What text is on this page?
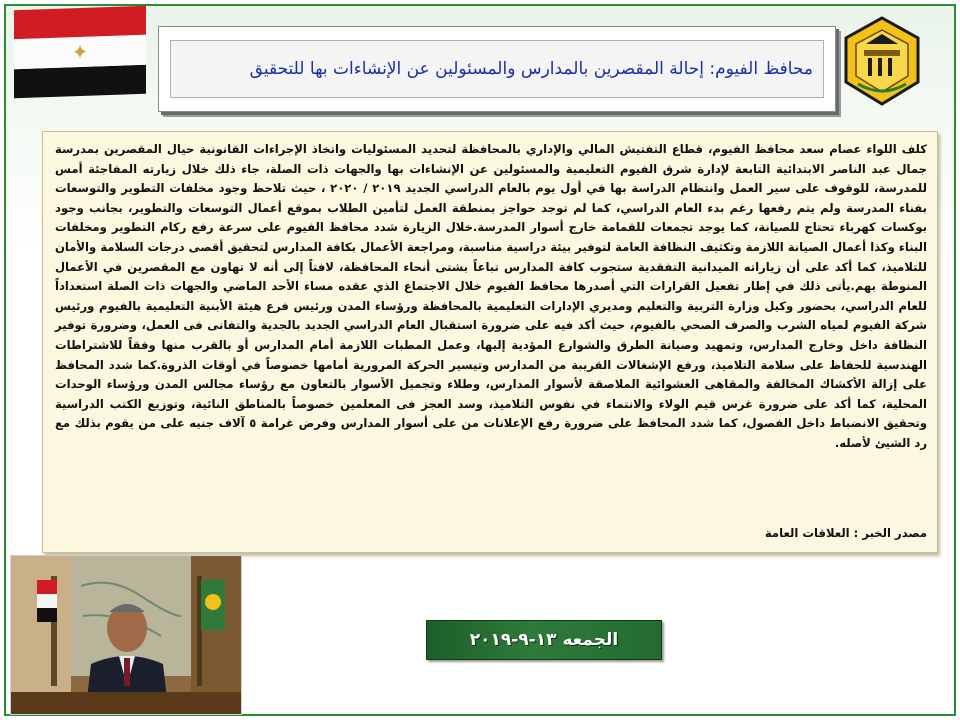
✦
محافظ الفيوم: إحالة المقصرين بالمدارس والمسئولين عن الإنشاءات بها للتحقيق

كلف اللواء عصام سعد محافظ الفيوم، قطاع التفتيش المالي والإداري بالمحافظة لتحديد المسئوليات واتخاذ الإجراءات القانونية حيال المقصرين بمدرسة جمال عبد الناصر الابتدائية التابعة لإدارة شرق الفيوم التعليمية والمسئولين عن الإنشاءات بها والجهات ذات الصلة، جاء ذلك خلال زيارته المفاجئة أمس للمدرسة، للوقوف على سير العمل وانتظام الدراسة بها في أول يوم بالعام الدراسي الجديد ٢٠١٩ / ٢٠٢٠ ، حيث تلاحظ وجود مخلفات التطوير والتوسعات بفناء المدرسة ولم يتم رفعها رغم بدء العام الدراسي، كما لم توجد حواجز بمنطقة العمل لتأمين الطلاب بموقع أعمال التوسعات والتطوير، بجانب وجود بوكسات كهرباء تحتاج للصيانة، كما يوجد تجمعات للقمامة خارج أسوار المدرسة.خلال الزيارة شدد محافظ الفيوم على سرعة رفع ركام التطوير ومخلفات البناء وكذا أعمال الصيانة اللازمة وتكثيف النظافة العامة لتوفير بيئة دراسية مناسبة، ومراجعة الأعمال بكافة المدارس لتحقيق أقصى درجات السلامة والأمان للتلاميذ، كما أكد على أن زياراته الميدانية التفقدية ستجوب كافة المدارس تباعاً بشتى أنحاء المحافظة، لافتاً إلى أنه لا تهاون مع المقصرين في الأعمال المنوطة بهم.يأتى ذلك في إطار تفعيل القرارات التي أصدرها محافظ الفيوم خلال الاجتماع الذي عقده مساء الأحد الماضي والجهات ذات الصلة استعداداً للعام الدراسي، بحضور وكيل وزارة التربية والتعليم ومديري الإدارات التعليمية بالمحافظة ورؤساء المدن ورئيس فرع هيئة الأبنية التعليمية بالفيوم ورئيس شركة الفيوم لمياه الشرب والصرف الصحي بالفيوم، حيث أكد فيه على ضرورة استقبال العام الدراسي الجديد بالجدية والتفانى فى العمل، وضرورة توفير النظافة داخل وخارج المدارس، وتمهيد وصيانة الطرق والشوارع المؤدية إليها، وعمل المطبات اللازمة أمام المدارس أو بالقرب منها وفقاً للاشتراطات الهندسية للحفاظ على سلامة التلاميذ، ورفع الإشغالات القريبة من المدارس وتيسير الحركة المرورية أمامها خصوصاً في أوقات الذروة.كما شدد المحافظ على إزالة الأكشاك المخالفة والمقاهى العشوائية الملاصقة لأسوار المدارس، وطلاء وتجميل الأسوار بالتعاون مع رؤساء مجالس المدن ورؤساء الوحدات المحلية، كما أكد على ضرورة غرس قيم الولاء والانتماء في نفوس التلاميذ، وسد العجز فى المعلمين خصوصاً بالمناطق النائية، وتوزيع الكتب الدراسية وتحقيق الانضباط داخل الفصول، كما شدد المحافظ على ضرورة رفع الإعلانات من على أسوار المدارس وفرض غرامة ٥ آلاف جنيه على من يقوم بذلك مع رد الشيئ لأصله.

مصدر الخبر : العلاقات العامة

الجمعه ١٣-٩-٢٠١٩
